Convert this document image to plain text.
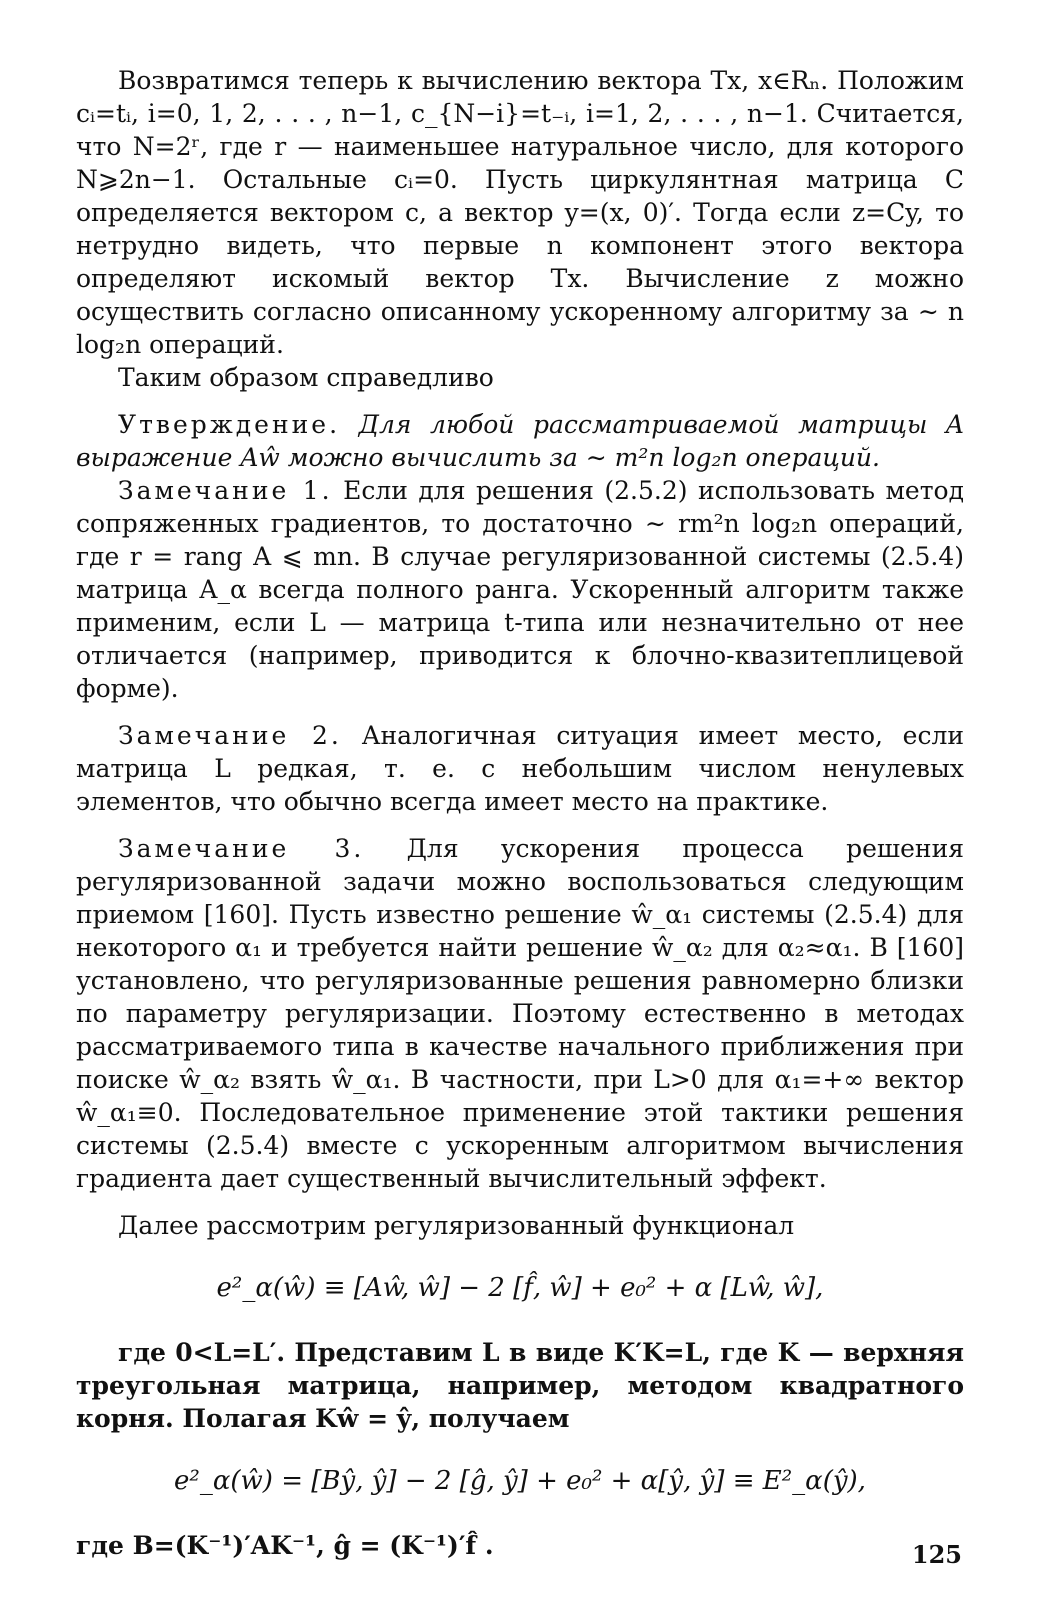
Возвратимся теперь к вычислению вектора Tx, x∈Rₙ. Положим cᵢ=tᵢ, i=0, 1, 2, . . . , n−1, c_{N−i}=t₋ᵢ, i=1, 2, . . . , n−1. Считается, что N=2ʳ, где r — наименьшее натуральное число, для которого N⩾2n−1. Остальные cᵢ=0. Пусть циркулянтная матрица C определяется вектором c, а вектор y=(x, 0)′. Тогда если z=Cy, то нетрудно видеть, что первые n компонент этого вектора определяют искомый вектор Tx. Вычисление z можно осуществить согласно описанному ускоренному алгоритму за ∼ n log₂n операций.

Таким образом справедливо

Утверждение. Для любой рассматриваемой матрицы A выражение Aŵ можно вычислить за ∼ m²n log₂n операций.

Замечание 1. Если для решения (2.5.2) использовать метод сопряженных градиентов, то достаточно ∼ rm²n log₂n операций, где r = rang A ⩽ mn. В случае регуляризованной системы (2.5.4) матрица A_α всегда полного ранга. Ускоренный алгоритм также применим, если L — матрица t-типа или незначительно от нее отличается (например, приводится к блочно-квазитеплицевой форме).

Замечание 2. Аналогичная ситуация имеет место, если матрица L редкая, т. е. с небольшим числом ненулевых элементов, что обычно всегда имеет место на практике.

Замечание 3. Для ускорения процесса решения регуляризованной задачи можно воспользоваться следующим приемом [160]. Пусть известно решение ŵ_α₁ системы (2.5.4) для некоторого α₁ и требуется найти решение ŵ_α₂ для α₂≈α₁. В [160] установлено, что регуляризованные решения равномерно близки по параметру регуляризации. Поэтому естественно в методах рассматриваемого типа в качестве начального приближения при поиске ŵ_α₂ взять ŵ_α₁. В частности, при L>0 для α₁=+∞ вектор ŵ_α₁≡0. Последовательное применение этой тактики решения системы (2.5.4) вместе с ускоренным алгоритмом вычисления градиента дает существенный вычислительный эффект.

Далее рассмотрим регуляризованный функционал

e²_α(ŵ) ≡ [Aŵ, ŵ] − 2 [f̂, ŵ] + e₀² + α [Lŵ, ŵ],

где 0<L=L′. Представим L в виде K′K=L, где K — верхняя треугольная матрица, например, методом квадратного корня. Полагая Kŵ = ŷ, получаем

e²_α(ŵ) = [Bŷ, ŷ] − 2 [ĝ, ŷ] + e₀² + α[ŷ, ŷ] ≡ E²_α(ŷ),

где B=(K⁻¹)′AK⁻¹, ĝ = (K⁻¹)′f̂ .	125
